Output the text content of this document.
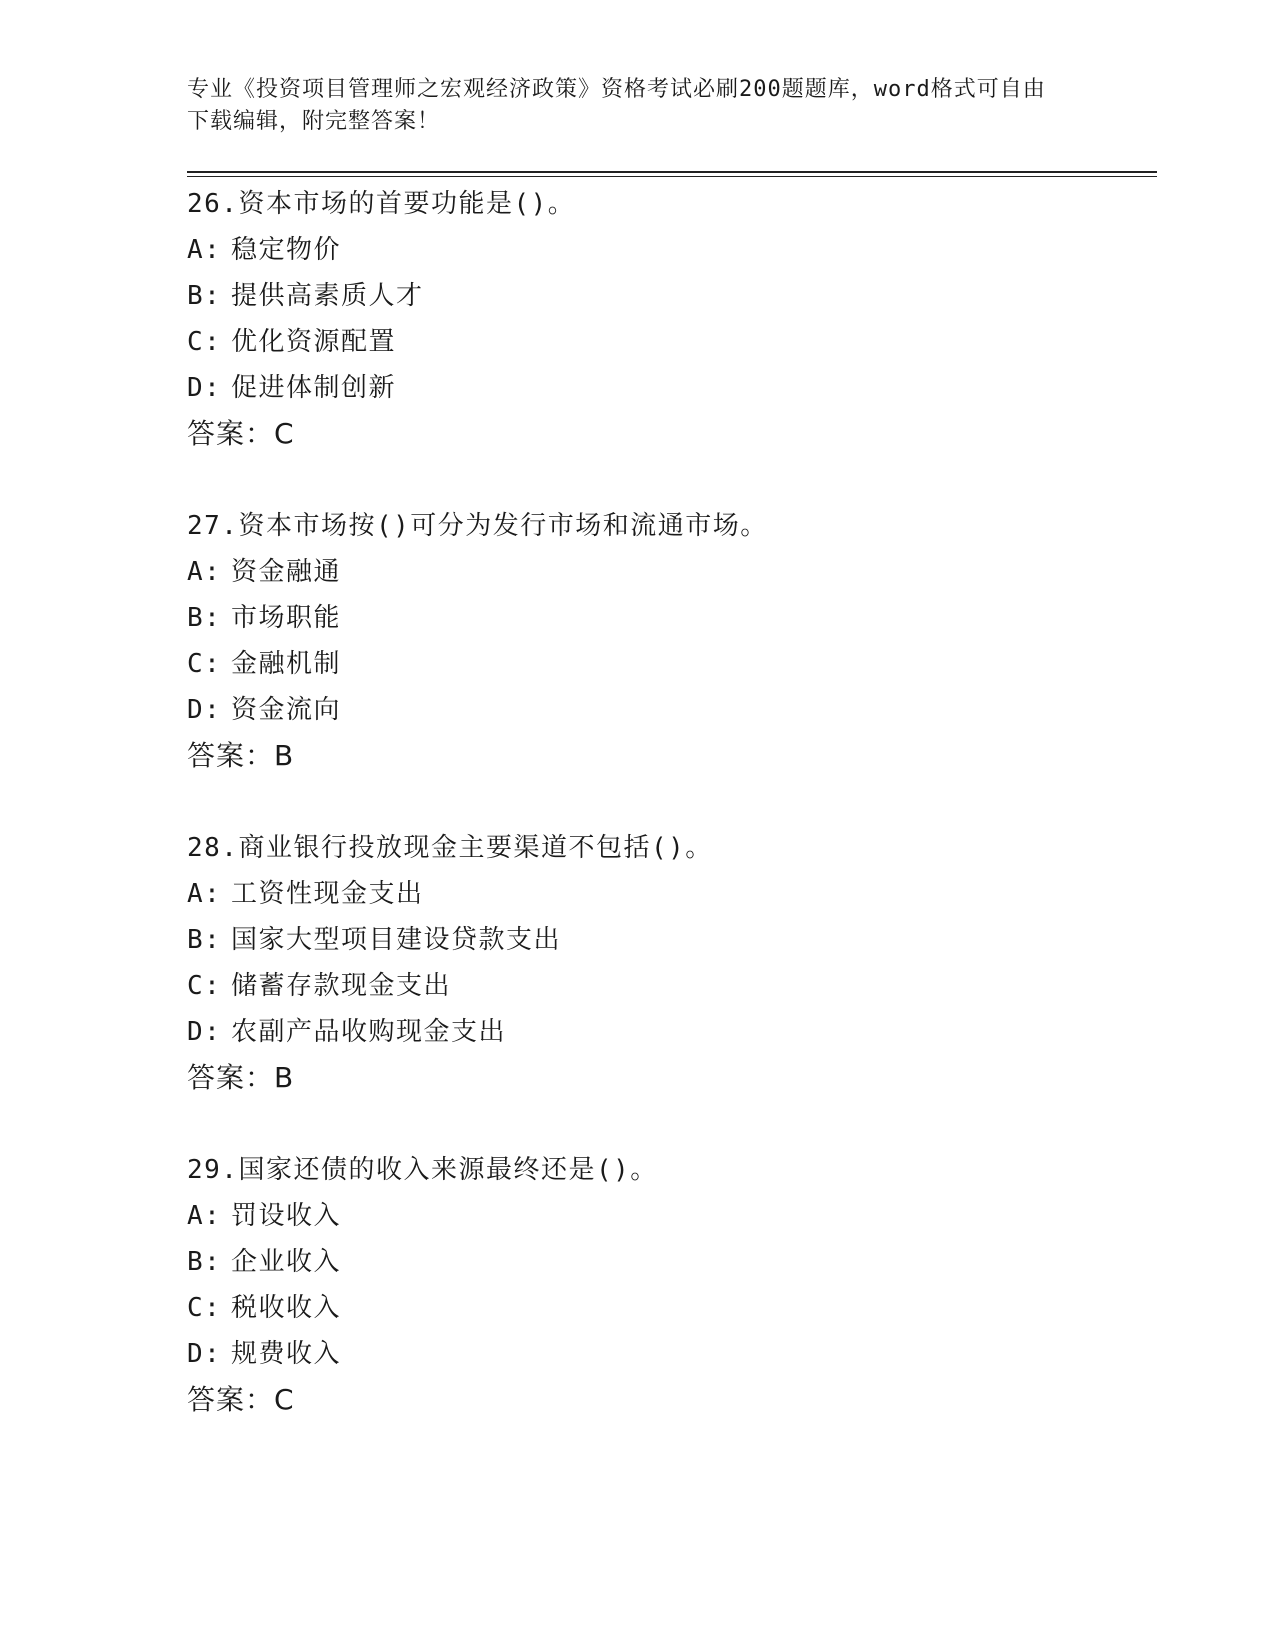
专业《投资项目管理师之宏观经济政策》资格考试必刷200题题库，word格式可自由下载编辑，附完整答案！

26.资本市场的首要功能是()。
A: 稳定物价
B: 提供高素质人才
C: 优化资源配置
D: 促进体制创新
答案：C
27.资本市场按()可分为发行市场和流通市场。
A: 资金融通
B: 市场职能
C: 金融机制
D: 资金流向
答案：B
28.商业银行投放现金主要渠道不包括()。
A: 工资性现金支出
B: 国家大型项目建设贷款支出
C: 储蓄存款现金支出
D: 农副产品收购现金支出
答案：B
29.国家还债的收入来源最终还是()。
A: 罚设收入
B: 企业收入
C: 税收收入
D: 规费收入
答案：C
